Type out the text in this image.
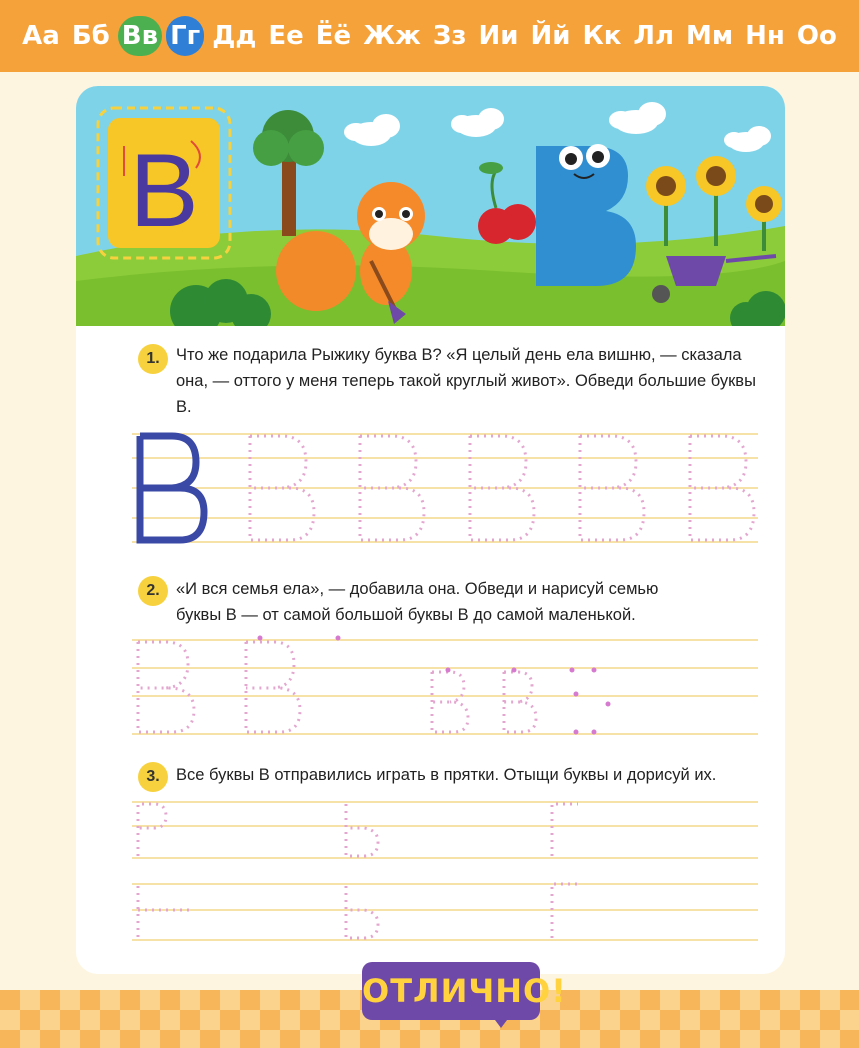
Аа Бб Вв Гг Дд Ее Ёё Жж Зз Ии Йй Кк Лл Мм Нн Оо
В
1. Что же подарила Рыжику буква В? «Я целый день ела вишню, — сказала она, — оттого у меня теперь такой круглый живот». Обведи большие буквы В.
2. «И вся семья ела», — добавила она. Обведи и нарисуй семью буквы В — от самой большой буквы В до самой маленькой.
3. Все буквы В отправились играть в прятки. Отыщи буквы и дорисуй их.
ОТЛИЧНО!
